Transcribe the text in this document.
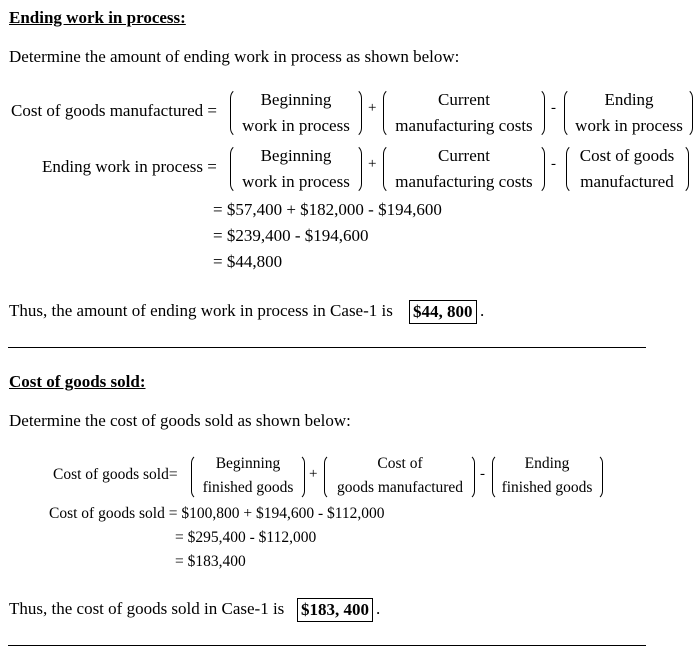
Ending work in process:
Determine the amount of ending work in process as shown below:
Cost of goods manufactured =
Beginning
work in process
+	Current
manufacturing costs
-	Ending
work in process
Ending work in process =
Beginning
work in process
+	Current
manufacturing costs
-	Cost of goods
manufactured
= $57,400 + $182,000 - $194,600
= $239,400 - $194,600
= $44,800
Thus, the amount of ending work in process in Case-1 is $44, 800 .
Cost of goods sold:
Determine the cost of goods sold as shown below:
Cost of goods sold=
Beginning
finished goods
+
Cost of
goods manufactured
-
Ending
finished goods
Cost of goods sold = $100,800 + $194,600 - $112,000
= $295,400 - $112,000
= $183,400
Thus, the cost of goods sold in Case-1 is $183, 400 .
